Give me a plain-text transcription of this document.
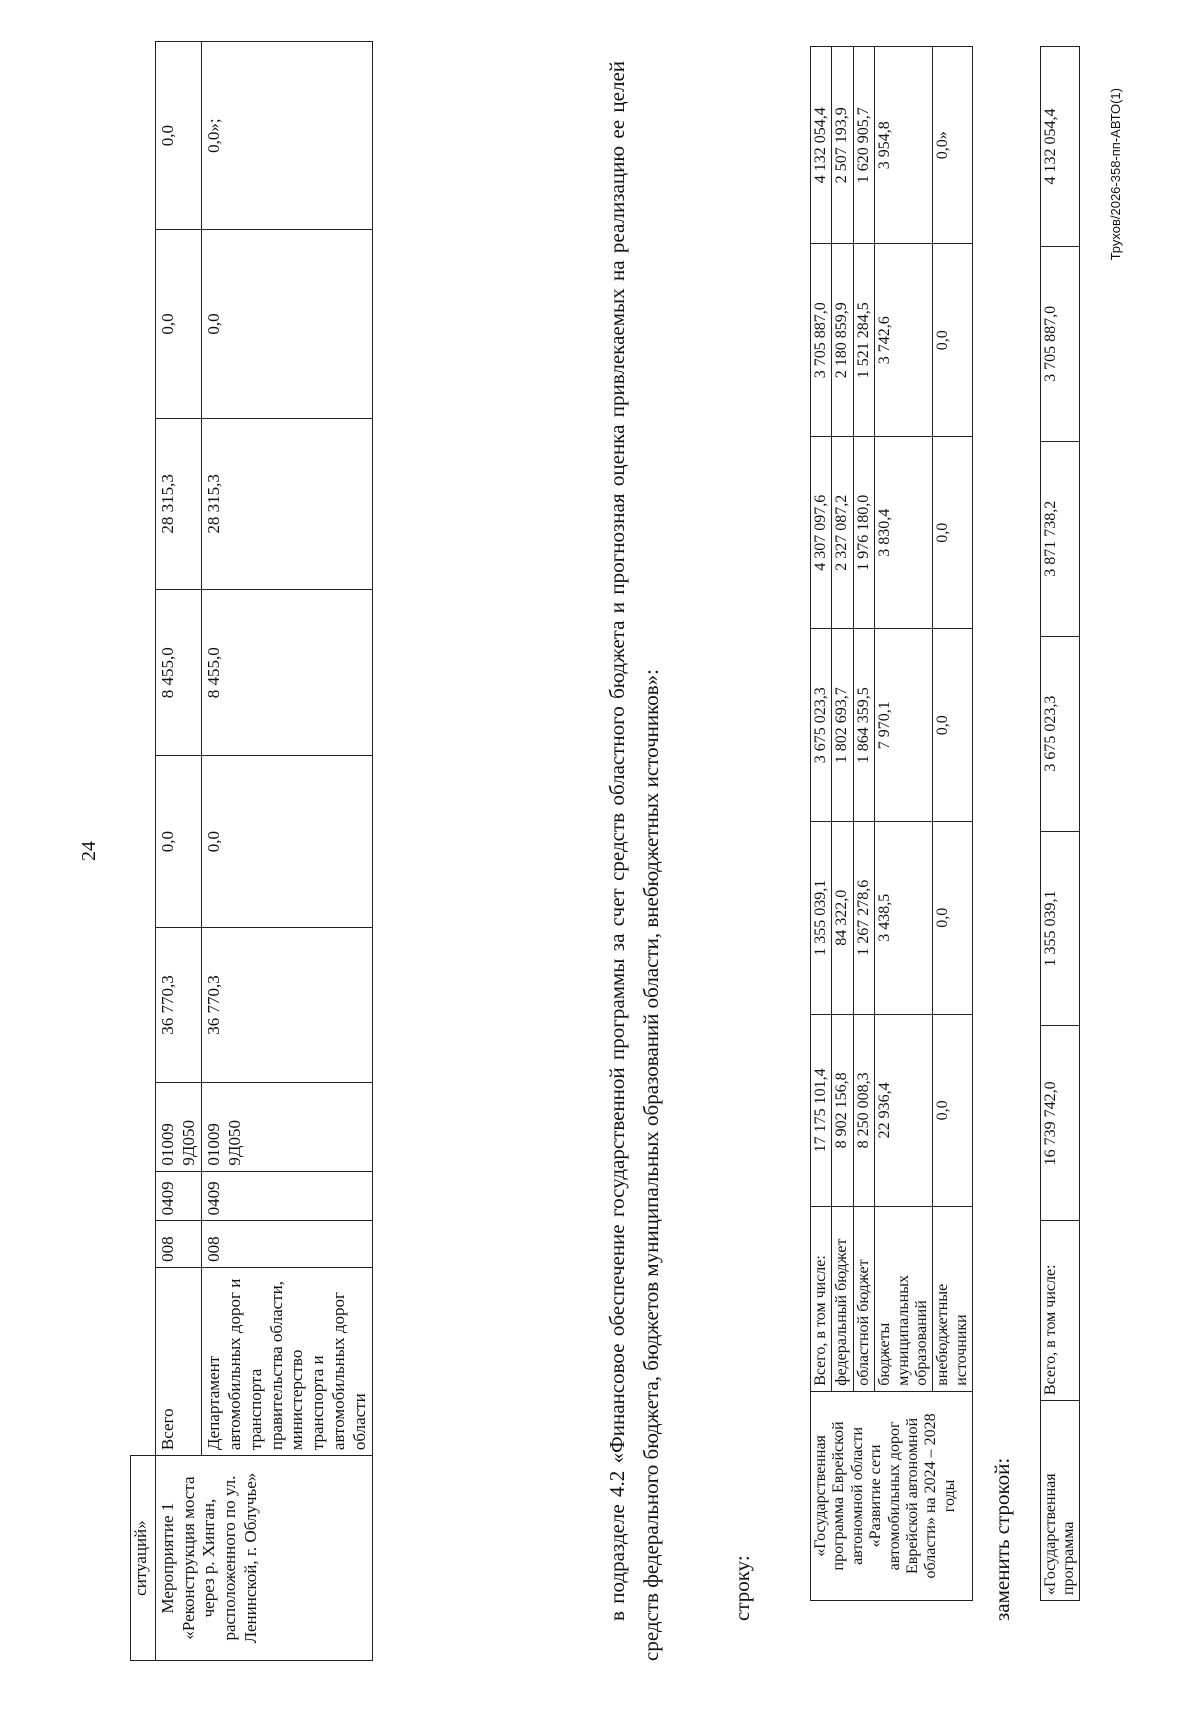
24
ситуаций»										

Мероприятие 1 «Реконструкция моста через р. Хинган, расположенного по ул. Ленинской, г. Облучье»	Всего	008	0409	01009 9Д050	36 770,3	0,0	8 455,0	28 315,3	0,0	0,0
	Департамент автомобильных дорог и транспорта правительства области, министерство транспорта и автомобильных дорог области	008	0409	01009 9Д050	36 770,3	0,0	8 455,0	28 315,3	0,0	0,0»;	в подразделе 4.2 «Финансовое обеспечение государственной программы за счет средств областного бюджета и прогнозная оценка привлекаемых на реализацию ее целей средств федерального бюджета, бюджетов муниципальных образований области, внебюджетных источников»:	строку:
«Государственная программа Еврейской автономной области «Развитие сети автомобильных дорог Еврейской автономной области» на 2024 – 2028 годы	Всего, в том числе:	17 175 101,4	1 355 039,1	3 675 023,3	4 307 097,6	3 705 887,0	4 132 054,4
	федеральный бюджет	8 902 156,8	84 322,0	1 802 693,7	2 327 087,2	2 180 859,9	2 507 193,9
	областной бюджет	8 250 008,3	1 267 278,6	1 864 359,5	1 976 180,0	1 521 284,5	1 620 905,7
	бюджеты муниципальных образований	22 936,4	3 438,5	7 970,1	3 830,4	3 742,6	3 954,8
	внебюджетные источники	0,0	0,0	0,0	0,0	0,0	0,0»
заменить строкой: «Государственная программа	Всего, в том числе:	16 739 742,0	1 355 039,1	3 675 023,3	3 871 738,2	3 705 887,0	4 132 054,4	Трухов/2026-358-пп-АВТО(1)
